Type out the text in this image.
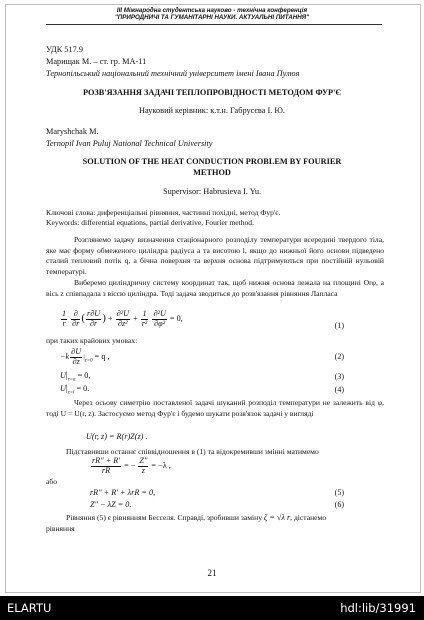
ІІІ Міжнародна студентська науково - технічна конференція
"ПРИРОДНИЧІ ТА ГУМАНІТАРНІ НАУКИ. АКТУАЛЬНІ ПИТАННЯ"
УДК 517.9
Марищак М. – ст. гр. МА-11
Тернопільський національний технічний університет імені Івана Пулюя
РОЗВ'ЯЗАННЯ ЗАДАЧІ ТЕПЛОПРОВІДНОСТІ МЕТОДОМ ФУР'Є
Науковий керівник: к.т.н. Габрусєва І. Ю.
Maryshchak M.
Ternopil Ivan Puluj National Technical University
SOLUTION OF THE HEAT CONDUCTION PROBLEM BY FOURIER
METHOD
Supervisor: Habrusieva I. Yu.
Ключові слова: диференціальні рівняння, частинні похідні, метод Фур'є.
Keywords: differential equations, partial derivative, Fourier method.
Розглянемо задачу визначення стаціонарного розподілу температури всередині твердого тіла, яке має форму обмеженого циліндра радіуса a та висотою l, якщо до нижньої його основи підведено сталий тепловий потік q, а бічна поверхня та верхня основа підтримуються при постійній нульовій температурі.
Виберемо циліндричну систему координат так, щоб нижня основа лежала на площині Orφ, а вісь z співпадала з віссю циліндра. Тоді задача зводиться до розв'язання рівняння Лапласа
$\frac{1}{r}$
$\frac{\partial}{\partial r}$ ( $\frac{r\partial U}{\partial r}$ ) + $\frac{\text{∂²U}}{\text{∂z²}} + \frac{1}{\text{r²}}$
$\frac{\text{∂²U}}{\text{∂φ²}} = 0$,
(1)
при таких крайових умовах:
$-k \frac{\partial U}{\partial z} |_{z=0} = q$ ,	(2)
$U|_{r=a} = 0$,	(3)
$U|_{z=l} = 0$.	(4)
Через осьову симетрію поставленої задачі шуканий розподіл температури не залежить від φ, тоді U = U(r, z). Застосуємо метод Фур'є і будемо шукати розв'язок задачі у вигляді
U(r, z) = R(r)Z(z) .
Підставивши останнє співвідношення в (1) та відокремивши змінні матимемо
$\frac{rR'' + R'}{rR}$ = − $\frac{Z''}{z} = -\lambda$ ,
або
rR″ + R′ + λrR = 0,	(5)
Z″ − λZ = 0.	(6)
Рівняння (5) є рівнянням Бесселя. Справді, зробивши заміну ζ = √λ r, дістанемо
рівняння
21
ELARTU	hdl:lib/31991
